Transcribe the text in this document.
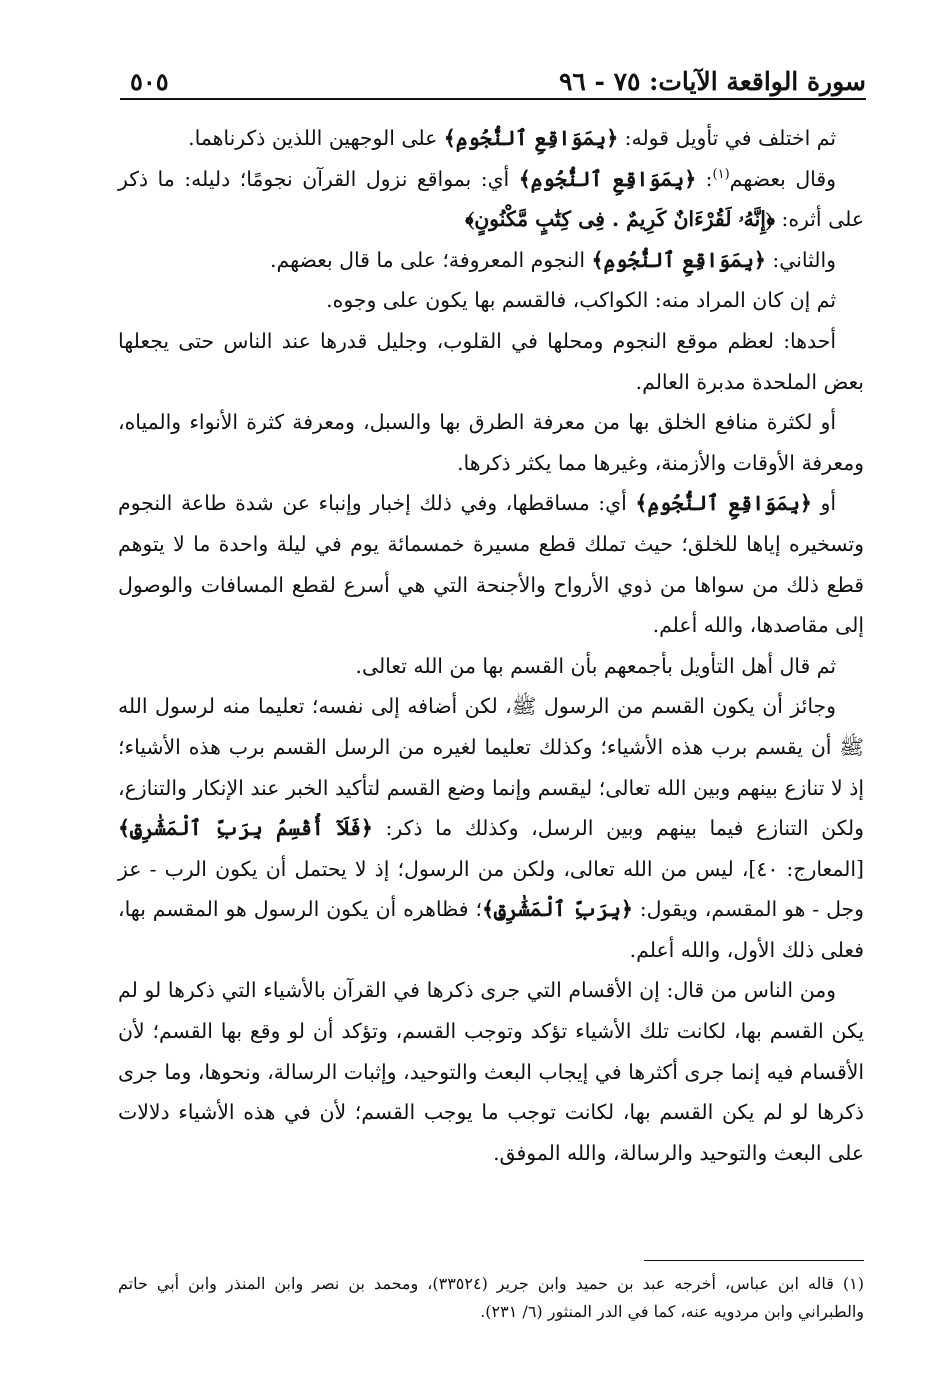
٥٠٥	سورة الواقعة الآيات: ٧٥ - ٩٦

ثم اختلف في تأويل قوله: ﴿بِمَوَاقِعِ ٱلنُّجُومِ﴾ على الوجهين اللذين ذكرناهما.

وقال بعضهم$^{(١)}$: ﴿بِمَوَاقِعِ ٱلنُّجُومِ﴾ أي: بمواقع نزول القرآن نجومًا؛ دليله: ما ذكر على أثره: ﴿إِنَّهُۥ لَقُرْءَانٌ كَرِيمٌ . فِى كِتَٰبٍ مَّكْنُونٍ﴾

والثاني: ﴿بِمَوَاقِعِ ٱلنُّجُومِ﴾ النجوم المعروفة؛ على ما قال بعضهم.

ثم إن كان المراد منه: الكواكب، فالقسم بها يكون على وجوه.

أحدها: لعظم موقع النجوم ومحلها في القلوب، وجليل قدرها عند الناس حتى يجعلها بعض الملحدة مدبرة العالم.

أو لكثرة منافع الخلق بها من معرفة الطرق بها والسبل، ومعرفة كثرة الأنواء والمياه، ومعرفة الأوقات والأزمنة، وغيرها مما يكثر ذكرها.

أو ﴿بِمَوَاقِعِ ٱلنُّجُومِ﴾ أي: مساقطها، وفي ذلك إخبار وإنباء عن شدة طاعة النجوم وتسخيره إياها للخلق؛ حيث تملك قطع مسيرة خمسمائة يوم في ليلة واحدة ما لا يتوهم قطع ذلك من سواها من ذوي الأرواح والأجنحة التي هي أسرع لقطع المسافات والوصول إلى مقاصدها، والله أعلم.

ثم قال أهل التأويل بأجمعهم بأن القسم بها من الله تعالى.

وجائز أن يكون القسم من الرسول ﷺ، لكن أضافه إلى نفسه؛ تعليما منه لرسول الله ﷺ أن يقسم برب هذه الأشياء؛ وكذلك تعليما لغيره من الرسل القسم برب هذه الأشياء؛ إذ لا تنازع بينهم وبين الله تعالى؛ ليقسم وإنما وضع القسم لتأكيد الخبر عند الإنكار والتنازع، ولكن التنازع فيما بينهم وبين الرسل، وكذلك ما ذكر: ﴿فَلَآ أُقْسِمُ بِرَبِّ ٱلْمَشَٰرِقِ﴾ [المعارج: ٤٠]، ليس من الله تعالى، ولكن من الرسول؛ إذ لا يحتمل أن يكون الرب - عز وجل - هو المقسم، ويقول: ﴿بِرَبِّ ٱلْمَشَٰرِقِ﴾؛ فظاهره أن يكون الرسول هو المقسم بها، فعلى ذلك الأول، والله أعلم.

ومن الناس من قال: إن الأقسام التي جرى ذكرها في القرآن بالأشياء التي ذكرها لو لم يكن القسم بها، لكانت تلك الأشياء تؤكد وتوجب القسم، وتؤكد أن لو وقع بها القسم؛ لأن الأقسام فيه إنما جرى أكثرها في إيجاب البعث والتوحيد، وإثبات الرسالة، ونحوها، وما جرى ذكرها لو لم يكن القسم بها، لكانت توجب ما يوجب القسم؛ لأن في هذه الأشياء دلالات على البعث والتوحيد والرسالة، والله الموفق.

(١) قاله ابن عباس، أخرجه عبد بن حميد وابن جرير (٣٣٥٢٤)، ومحمد بن نصر وابن المنذر وابن أبي حاتم والطبراني وابن مردويه عنه، كما في الدر المنثور (٦/ ٢٣١).
